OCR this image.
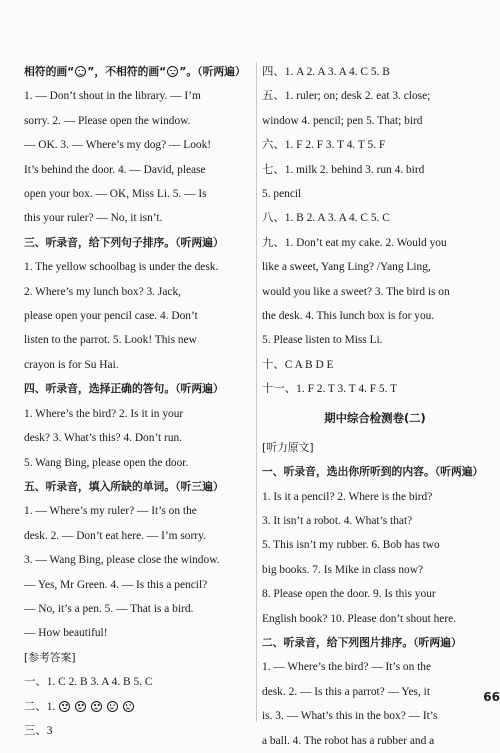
相符的画“ ”，不相符的画“ ”。（听两遍）

1. — Don’t shout in the library. — I’m

sorry. 2. — Please open the window.

— OK. 3. — Where’s my dog? — Look!

It’s behind the door. 4. — David, please

open your box. — OK, Miss Li. 5. — Is

this your ruler? — No, it isn’t.

三、听录音，给下列句子排序。（听两遍）

1. The yellow schoolbag is under the desk.

2. Where’s my lunch box? 3. Jack,

please open your pencil case. 4. Don’t

listen to the parrot. 5. Look! This new

crayon is for Su Hai.

四、听录音，选择正确的答句。（听两遍）

1. Where’s the bird? 2. Is it in your

desk? 3. What’s this? 4. Don’t run.

5. Wang Bing, please open the door.

五、听录音，填入所缺的单词。（听三遍）

1. — Where’s my ruler? — It’s on the

desk. 2. — Don’t eat here. — I’m sorry.

3. — Wang Bing, please close the window.

— Yes, Mr Green. 4. — Is this a pencil?

— No, it’s a pen. 5. — That is a bird.

— How beautiful!

[参考答案]

一、1. C 2. B 3. A 4. B 5. C

二、1.

三、3

四、1. A 2. A 3. A 4. C 5. B

五、1. ruler; on; desk 2. eat 3. close;

window 4. pencil; pen 5. That; bird

六、1. F 2. F 3. T 4. T 5. F

七、1. milk 2. behind 3. run 4. bird

5. pencil

八、1. B 2. A 3. A 4. C 5. C

九、1. Don’t eat my cake. 2. Would you

like a sweet, Yang Ling? /Yang Ling,

would you like a sweet? 3. The bird is on

the desk. 4. This lunch box is for you.

5. Please listen to Miss Li.

十、C A B D E

十一、1. F 2. T 3. T 4. F 5. T

期中综合检测卷(二)

[听力原文]

一、听录音，选出你所听到的内容。（听两遍）

1. Is it a pencil? 2. Where is the bird?

3. It isn’t a robot. 4. What’s that?

5. This isn’t my rubber. 6. Bob has two

big books. 7. Is Mike in class now?

8. Please open the door. 9. Is this your

English book? 10. Please don’t shout here.

二、听录音，给下列图片排序。（听两遍）

1. — Where’s the bird? — It’s on the

desk. 2. — Is this a parrot? — Yes, it

is. 3. — What’s this in the box? — It’s

a ball. 4. The robot has a rubber and a

66
